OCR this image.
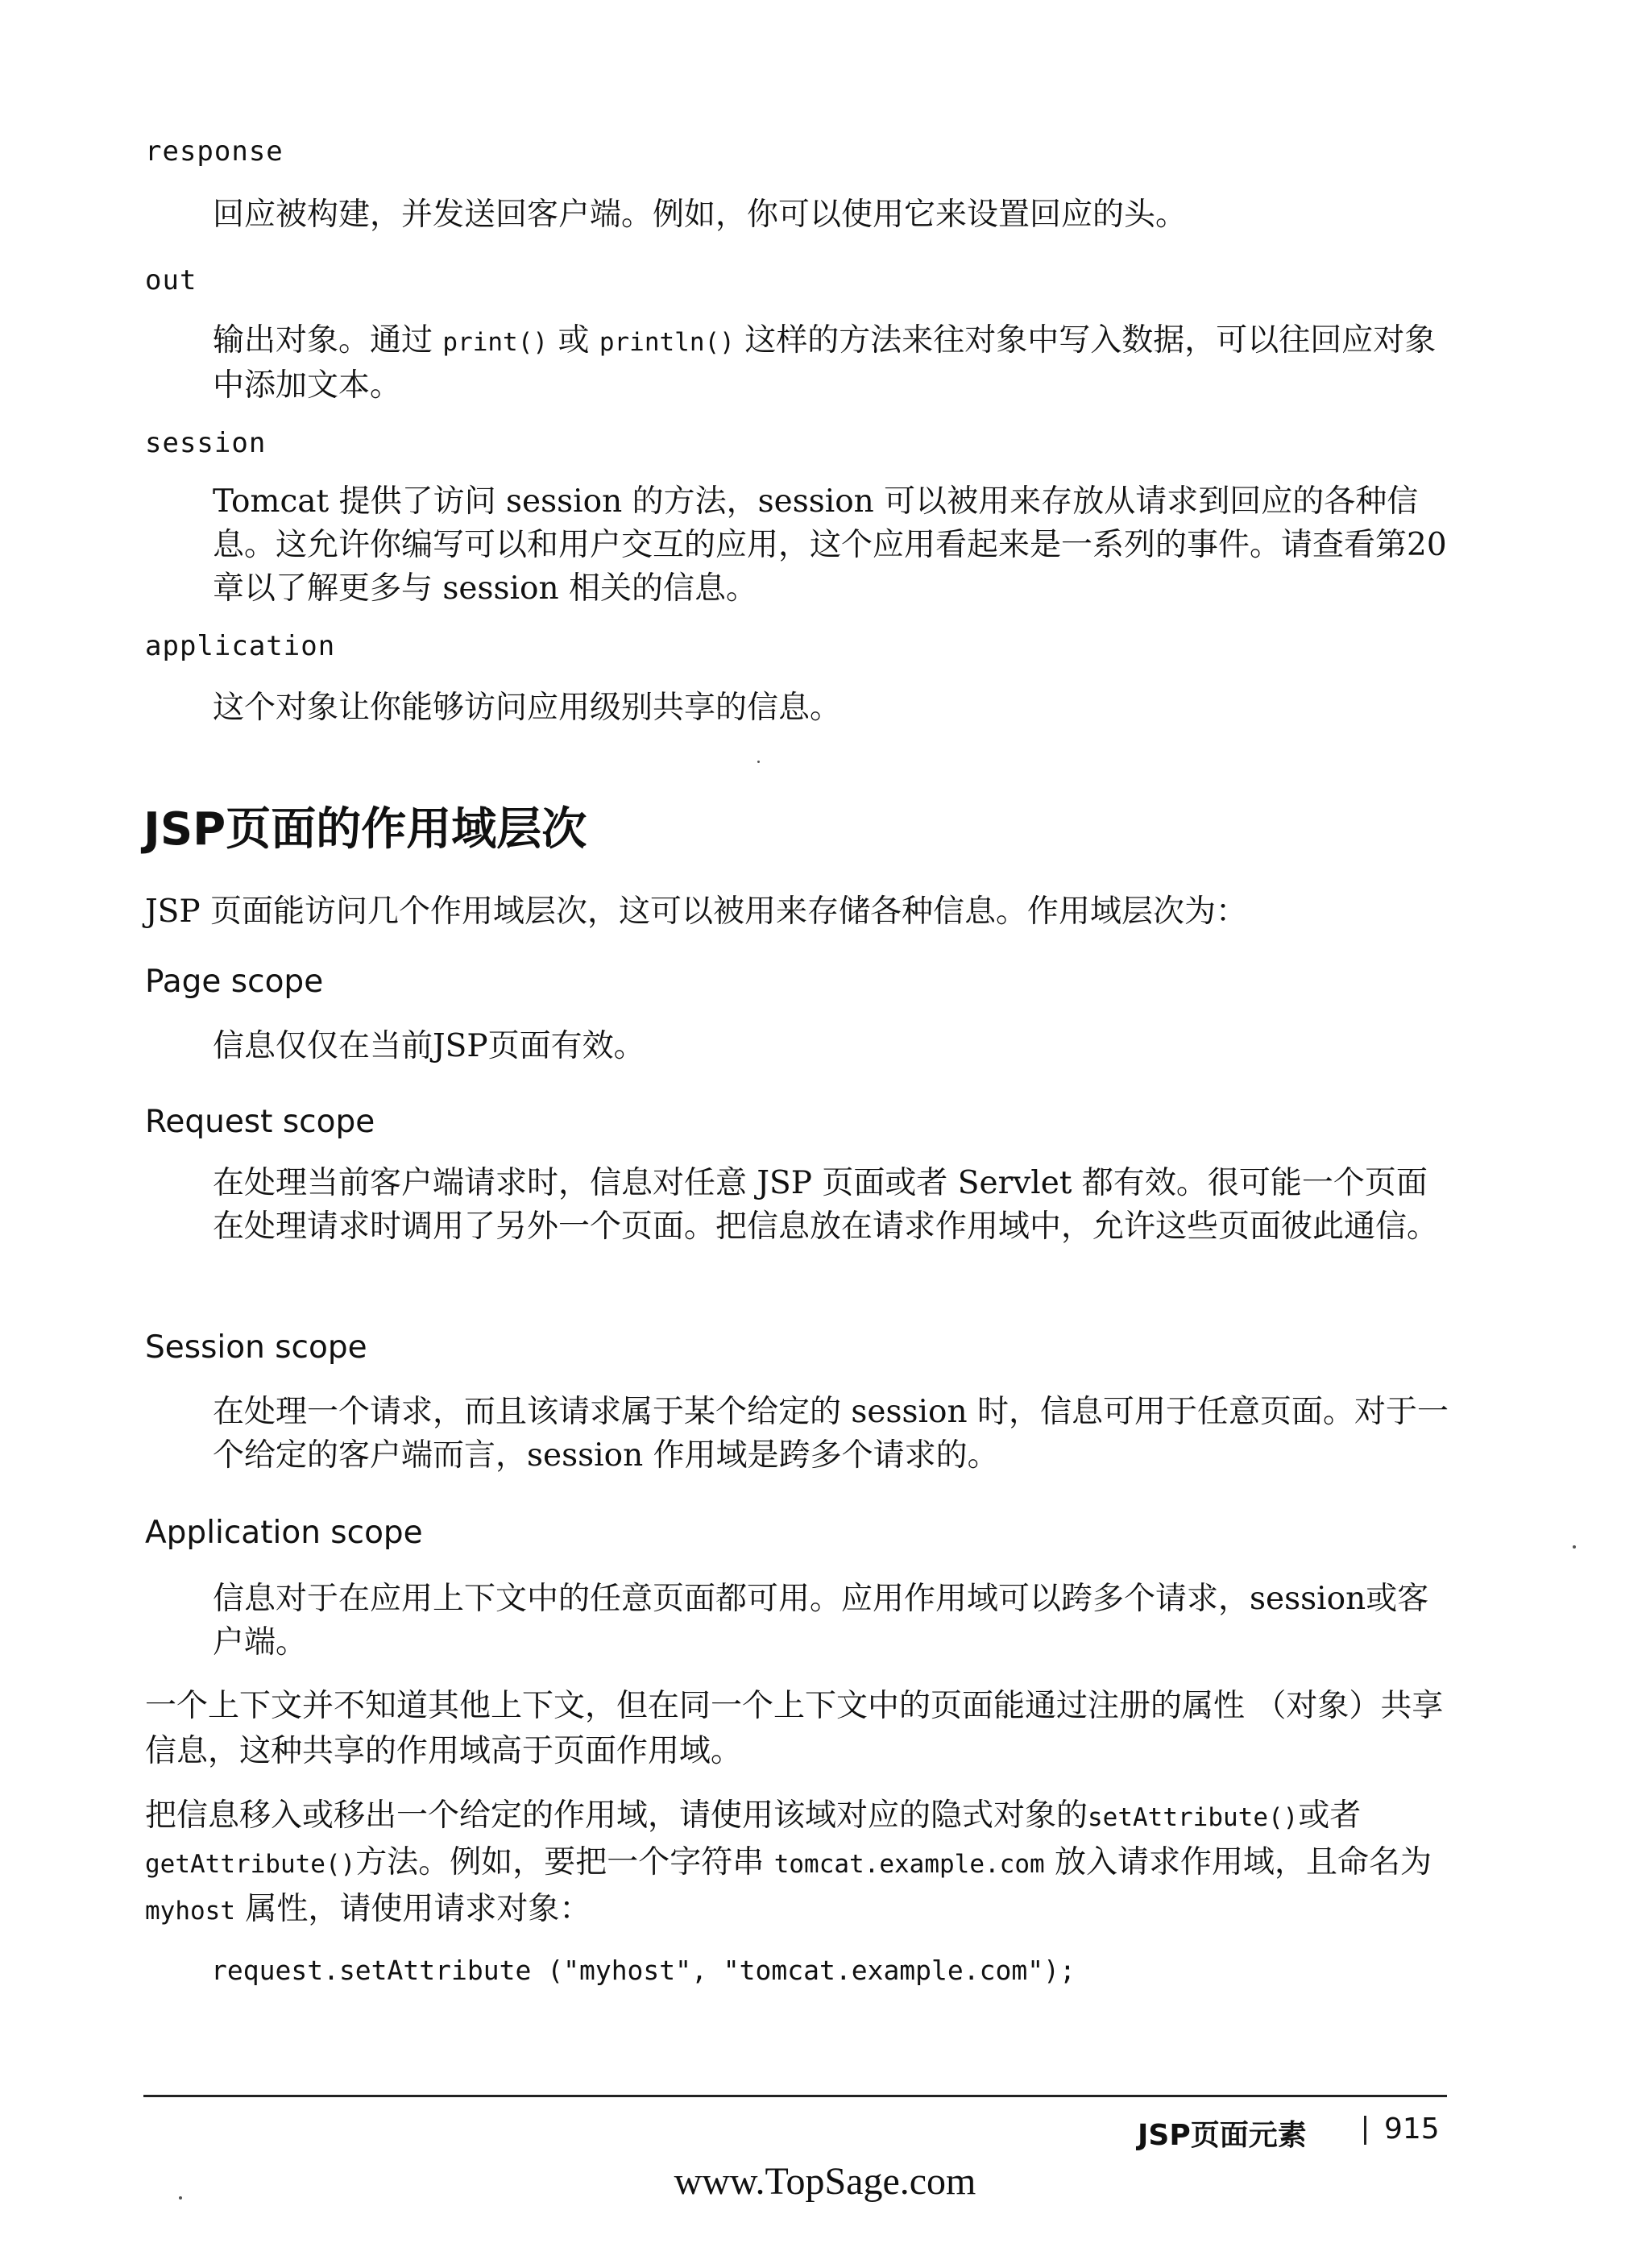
response

回应被构建，并发送回客户端。例如，你可以使用它来设置回应的头。

out

输出对象。通过 print() 或 println() 这样的方法来往对象中写入数据，可以往回应对象中添加文本。

session

Tomcat 提供了访问 session 的方法，session 可以被用来存放从请求到回应的各种信息。这允许你编写可以和用户交互的应用，这个应用看起来是一系列的事件。请查看第20章以了解更多与 session 相关的信息。

application

这个对象让你能够访问应用级别共享的信息。

JSP页面的作用域层次

JSP 页面能访问几个作用域层次，这可以被用来存储各种信息。作用域层次为：

Page scope

信息仅仅在当前JSP页面有效。

Request scope

在处理当前客户端请求时，信息对任意 JSP 页面或者 Servlet 都有效。很可能一个页面在处理请求时调用了另外一个页面。把信息放在请求作用域中，允许这些页面彼此通信。

Session scope

在处理一个请求，而且该请求属于某个给定的 session 时，信息可用于任意页面。对于一个给定的客户端而言，session 作用域是跨多个请求的。

Application scope

信息对于在应用上下文中的任意页面都可用。应用作用域可以跨多个请求，session或客户端。

一个上下文并不知道其他上下文，但在同一个上下文中的页面能通过注册的属性 （对象）共享信息，这种共享的作用域高于页面作用域。

把信息移入或移出一个给定的作用域，请使用该域对应的隐式对象的setAttribute()或者getAttribute()方法。例如，要把一个字符串 tomcat.example.com 放入请求作用域，且命名为 myhost 属性，请使用请求对象：

request.setAttribute ("myhost", "tomcat.example.com");
JSP页面元素	915
www.TopSage.com
